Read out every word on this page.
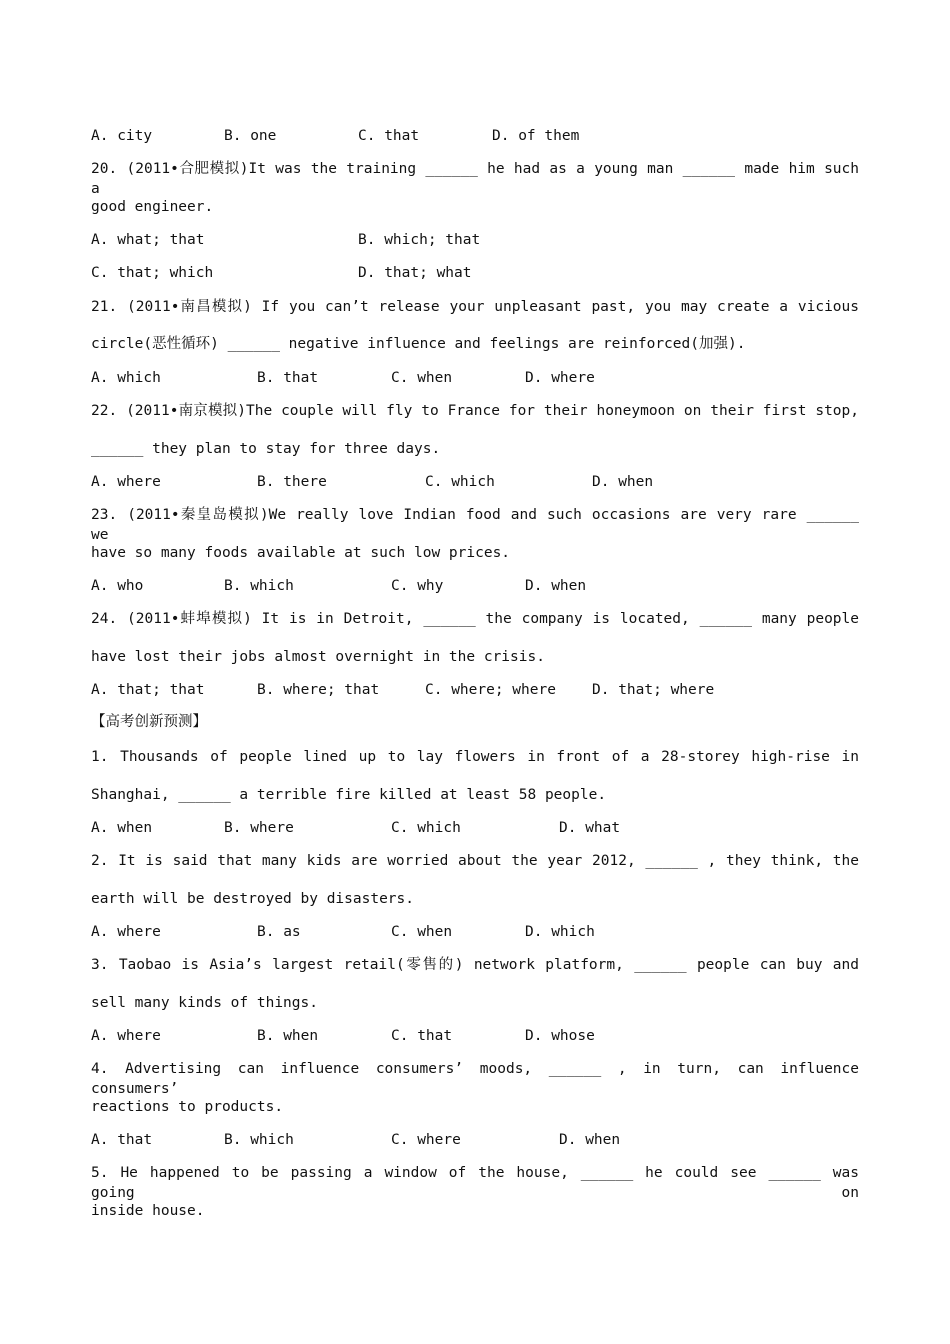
A. city	B. one	C. that	D. of them
20. (2011•合肥模拟)It was the training ______ he had as a young man ______ made him such a
good engineer.
A. what; that	B. which; that
C. that; which	D. that; what
21. (2011•南昌模拟) If you can’t release your unpleasant past, you may create a vicious
circle(恶性循环) ______ negative influence and feelings are reinforced(加强).
A. which	B. that	C. when	D. where
22. (2011•南京模拟)The couple will fly to France for their honeymoon on their first stop,
______ they plan to stay for three days.
A. where	B. there	C. which	D. when
23. (2011•秦皇岛模拟)We really love Indian food and such occasions are very rare ______ we
have so many foods available at such low prices.
A. who	B. which	C. why	D. when
24. (2011•蚌埠模拟) It is in Detroit, ______ the company is located, ______ many people
have lost their jobs almost overnight in the crisis.
A. that; that	B. where; that	C. where; where D. that; where
【高考创新预测】
1. Thousands of people lined up to lay flowers in front of a 28-storey high-rise in
Shanghai, ______ a terrible fire killed at least 58 people.
A. when	B. where	C. which	D. what
2. It is said that many kids are worried about the year 2012, ______ , they think, the
earth will be destroyed by disasters.
A. where	B. as	C. when	D. which
3. Taobao is Asia’s largest retail(零售的) network platform, ______ people can buy and
sell many kinds of things.
A. where	B. when	C. that	D. whose
4. Advertising can influence consumers’ moods, ______ , in turn, can influence consumers’
reactions to products.
A. that	B. which	C. where	D. when
5. He happened to be passing a window of the house, ______ he could see ______ was going on
inside house.
